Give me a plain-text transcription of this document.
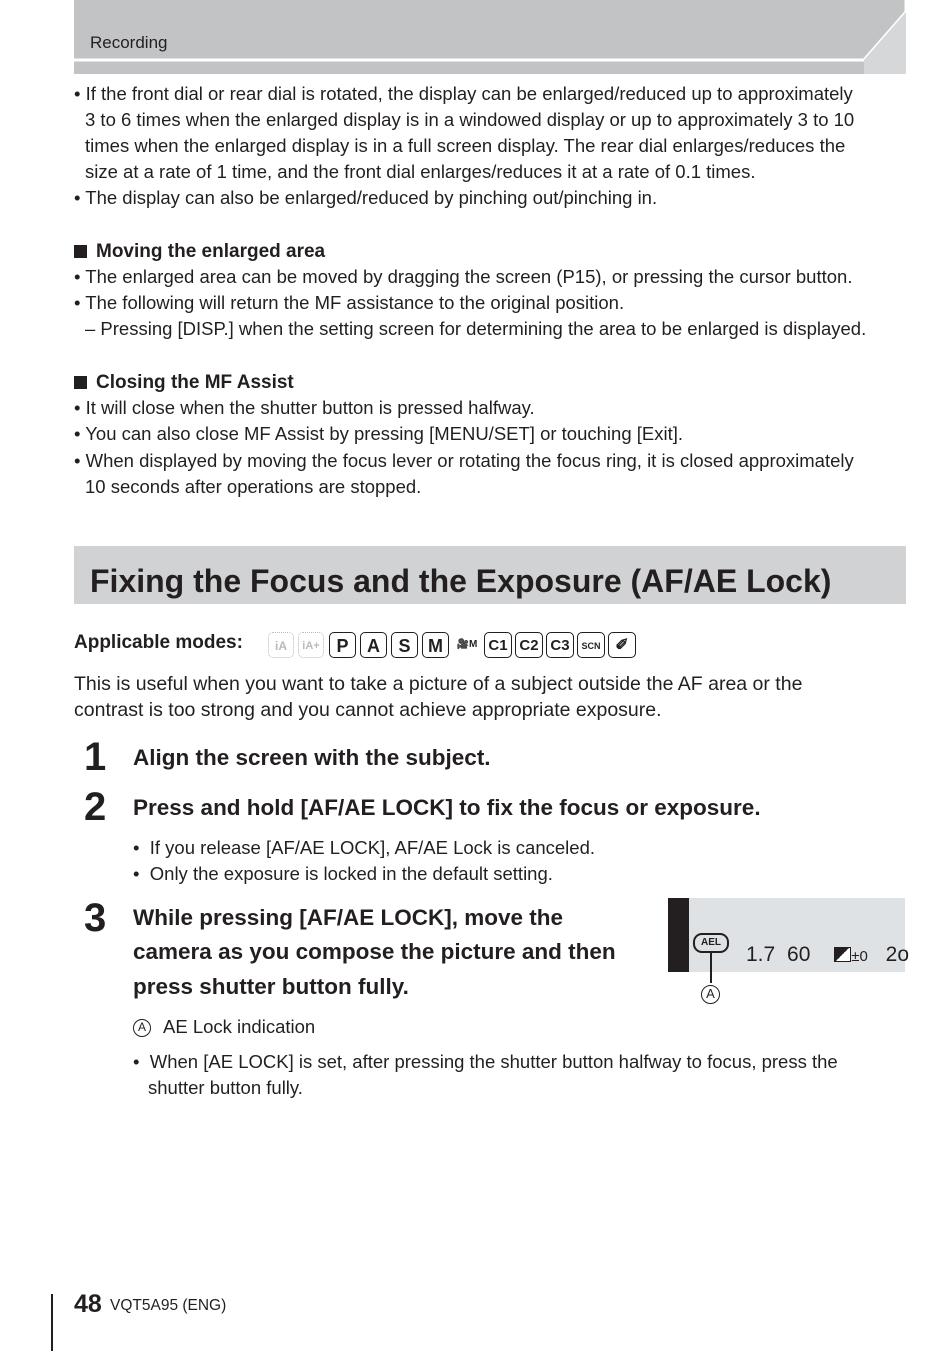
Recording
• If the front dial or rear dial is rotated, the display can be enlarged/reduced up to approximately
3 to 6 times when the enlarged display is in a windowed display or up to approximately 3 to 10
times when the enlarged display is in a full screen display. The rear dial enlarges/reduces the
size at a rate of 1 time, and the front dial enlarges/reduces it at a rate of 0.1 times.
• The display can also be enlarged/reduced by pinching out/pinching in.
Moving the enlarged area
• The enlarged area can be moved by dragging the screen (P15), or pressing the cursor button.
• The following will return the MF assistance to the original position.
– Pressing [DISP.] when the setting screen for determining the area to be enlarged is displayed.
Closing the MF Assist
• It will close when the shutter button is pressed halfway.
• You can also close MF Assist by pressing [MENU/SET] or touching [Exit].
• When displayed by moving the focus lever or rotating the focus ring, it is closed approximately
10 seconds after operations are stopped.
Fixing the Focus and the Exposure (AF/AE Lock)
Applicable modes:	iA	iA+ P	A	S M	🎥M C1 C2 C3	SCN ✐
This is useful when you want to take a picture of a subject outside the AF area or the
contrast is too strong and you cannot achieve appropriate exposure.
1 Align the screen with the subject.
2 Press and hold [AF/AE LOCK] to fix the focus or exposure.
•  If you release [AF/AE LOCK], AF/AE Lock is canceled.
•  Only the exposure is locked in the default setting.
3 While pressing [AF/AE LOCK], move the
camera as you compose the picture and then
press shutter button fully.
AEL
1.7 60	±0 2o
A
A AE Lock indication
•  When [AE LOCK] is set, after pressing the shutter button halfway to focus, press the
shutter button fully.
48 VQT5A95 (ENG)
